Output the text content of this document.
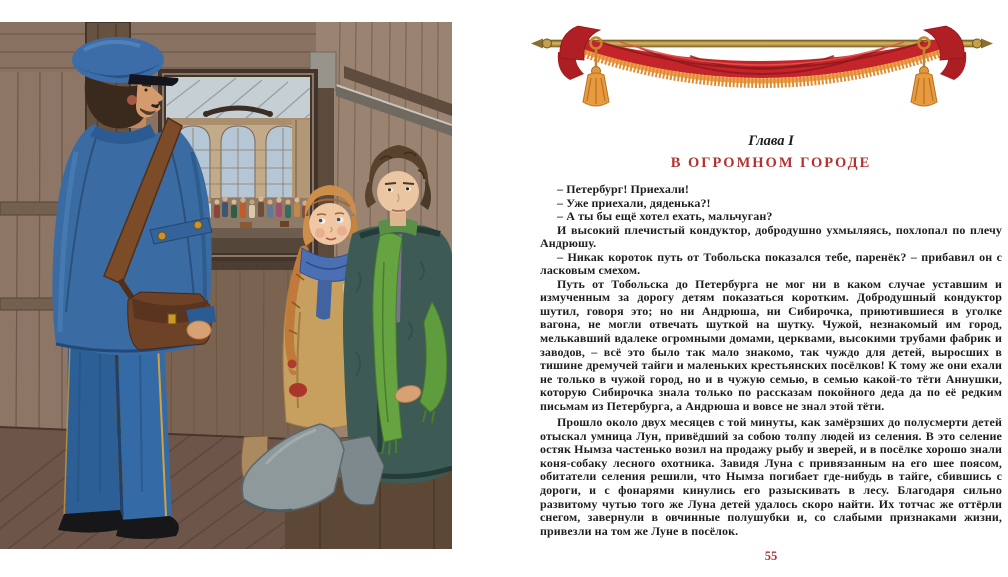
Глава I
В ОГРОМНОМ ГОРОДЕ

– Петербург! Приехали!

– Уже приехали, дяденька?!

– А ты бы ещё хотел ехать, мальчуган?

И высокий плечистый кондуктор, добродушно ухмыляясь, похлопал по плечу Андрюшу.

– Никак короток путь от Тобольска показался тебе, паренёк? – прибавил он с ласковым смехом.

Путь от Тобольска до Петербурга не мог ни в каком случае уставшим и измученным за дорогу детям показаться коротким. Добродушный кондуктор шутил, говоря это; но ни Андрюша, ни Сибирочка, приютившиеся в уголке вагона, не могли отвечать шуткой на шутку. Чужой, незнакомый им город, мелькавший вдалеке огромными домами, церквами, высокими трубами фабрик и заводов, – всё это было так мало знакомо, так чуждо для детей, выросших в тишине дремучей тайги и маленьких крестьянских посёлков! К тому же они ехали не только в чужой город, но и в чужую семью, в семью какой-то тёти Аннушки, которую Сибирочка знала только по рассказам покойного деда да по её редким письмам из Петербурга, а Андрюша и вовсе не знал этой тёти.

Прошло около двух месяцев с той минуты, как замёрзших до полусмерти детей отыскал умница Лун, привёдший за собою толпу людей из селения. В это селение остяк Нымза частенько возил на продажу рыбу и зверей, и в посёлке хорошо знали коня-собаку лесного охотника. Завидя Луна с привязанным на его шее поясом, обитатели селения решили, что Нымза погибает где-нибудь в тайге, сбившись с дороги, и с фонарями кинулись его разыскивать в лесу. Благодаря сильно развитому чутью того же Луна детей удалось скоро найти. Их тотчас же оттёрли снегом, завернули в овчинные полушубки и, со слабыми признаками жизни, привезли на том же Луне в посёлок.

55
